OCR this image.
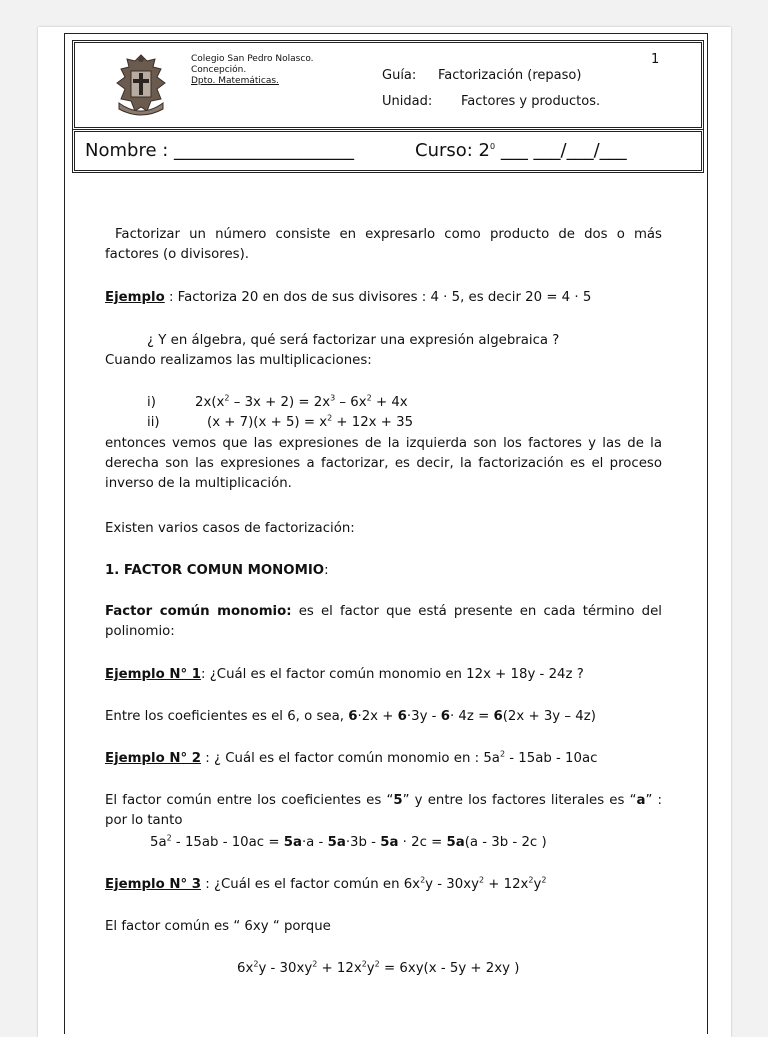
Colegio San Pedro Nolasco.
Concepción.
Dpto. Matemáticas.	Guía: Factorización (repaso)
Unidad: Factores y productos.
1
Nombre : ____________________	Curso: $2^0$ ___ ___/___/___

Factorizar un número consiste en expresarlo como producto de dos o más factores (o divisores).

Ejemplo : Factoriza 20 en dos de sus divisores : 4 · 5, es decir 20 = 4 · 5

¿ Y en álgebra, qué será factorizar una expresión algebraica ?

Cuando realizamos las multiplicaciones:

i)	$2x(x^2 - 3x + 2) = 2x^3 - 6x^2 + 4x$

ii)	$(x + 7)(x + 5) = x^2 + 12x + 35$

entonces vemos que las expresiones de la izquierda son los factores y las de la derecha son las expresiones a factorizar, es decir, la factorización es el proceso inverso de la multiplicación.

Existen varios casos de factorización:

1. FACTOR COMUN MONOMIO:

Factor común monomio: es el factor que está presente en cada término del polinomio:

Ejemplo N° 1: ¿Cuál es el factor común monomio en 12x + 18y - 24z ?

Entre los coeficientes es el 6, o sea, 6·2x + 6·3y - 6· 4z = 6(2x + 3y – 4z)

Ejemplo N° 2 : ¿ Cuál es el factor común monomio en : $5a^2 - 15ab - 10ac$

El factor común entre los coeficientes es “5” y entre los factores literales es “a” : por lo tanto

$5a^2 - 15ab - 10ac = 5a\cdot a - 5a\cdot 3b - 5a \cdot 2c = 5a(a - 3b - 2c$ )

Ejemplo N° 3 : ¿Cuál es el factor común en $6x^2y - 30xy^2 + 12x^2y^2$

El factor común es “ 6xy “ porque

$6x^2y - 30xy^2 + 12x^2y^2 = 6xy(x - 5y + 2xy$ )
